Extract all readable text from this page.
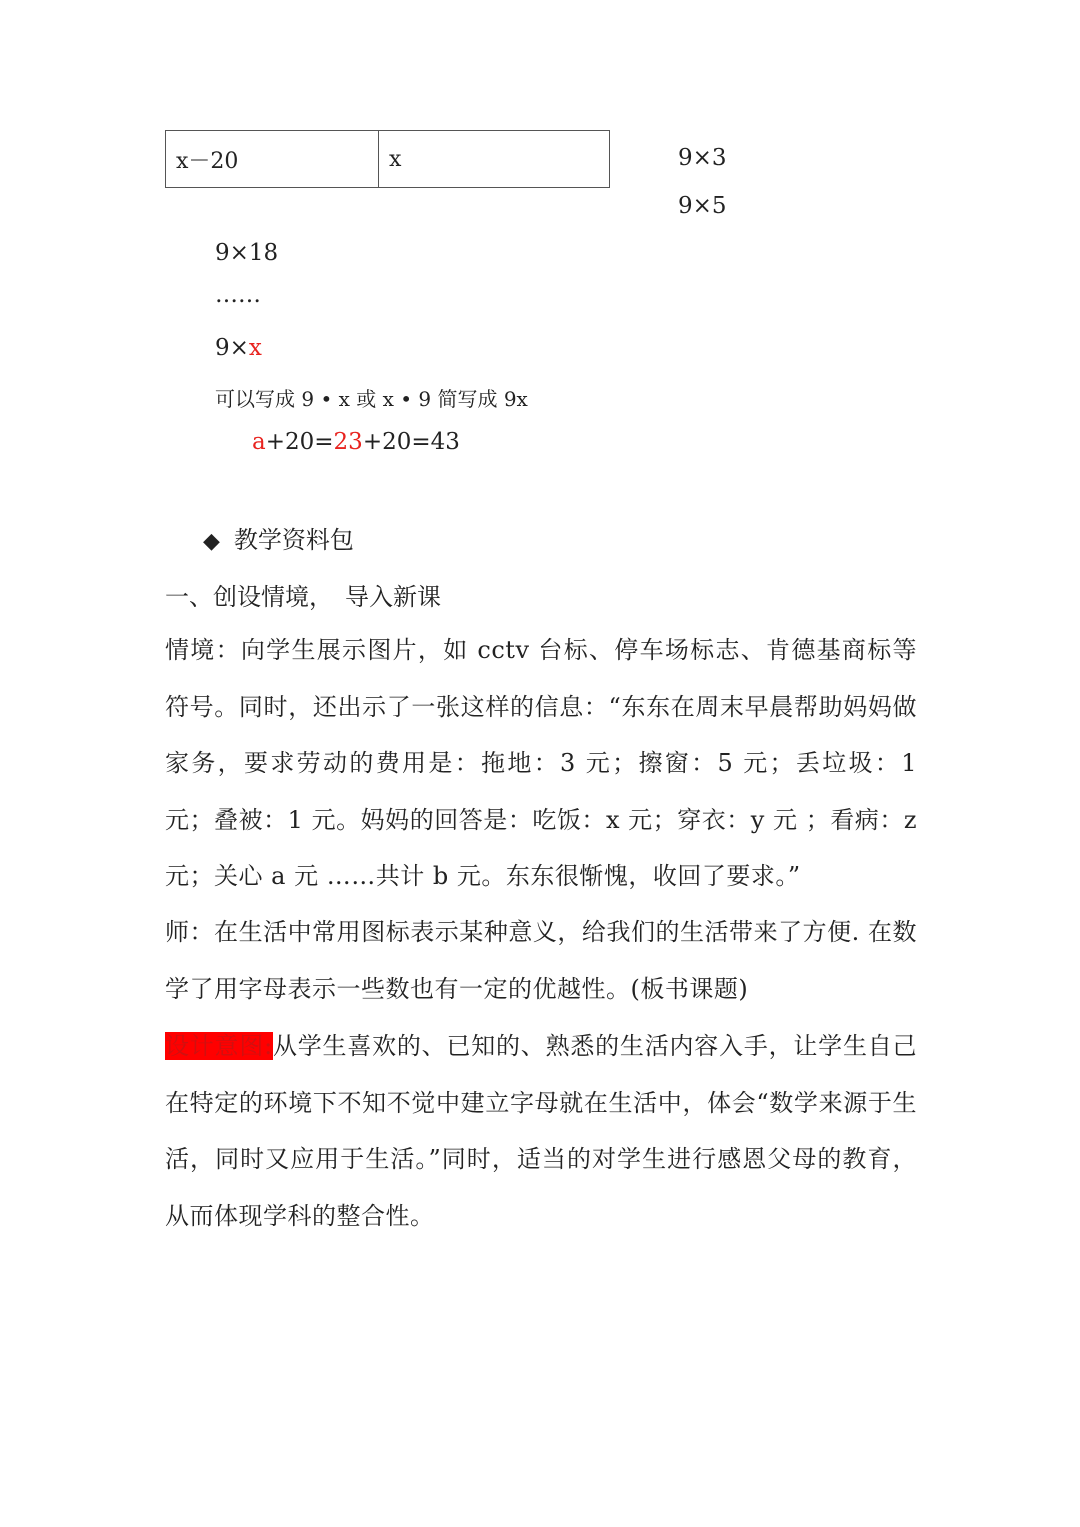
x－20	x	9×3
9×5
9×18
……
9×x
可以写成 9 • x 或 x • 9 简写成 9x
a+20=23+20=43
◆ 教学资料包
一、创设情境，　导入新课
情境：向学生展示图片，如 cctv 台标、停车场标志、肯德基商标等符号。同时，还出示了一张这样的信息：“东东在周末早晨帮助妈妈做家务，要求劳动的费用是：拖地：3 元；擦窗：5 元；丢垃圾：1 元；叠被：1 元。妈妈的回答是：吃饭：x 元；穿衣：y 元 ；看病：z 元；关心 a 元 ……共计 b 元。东东很惭愧，收回了要求。”
师：在生活中常用图标表示某种意义，给我们的生活带来了方便. 在数学了用字母表示一些数也有一定的优越性。(板书课题)
设计意图:从学生喜欢的、已知的、熟悉的生活内容入手，让学生自己在特定的环境下不知不觉中建立字母就在生活中，体会“数学来源于生活，同时又应用于生活。”同时，适当的对学生进行感恩父母的教育，从而体现学科的整合性。
